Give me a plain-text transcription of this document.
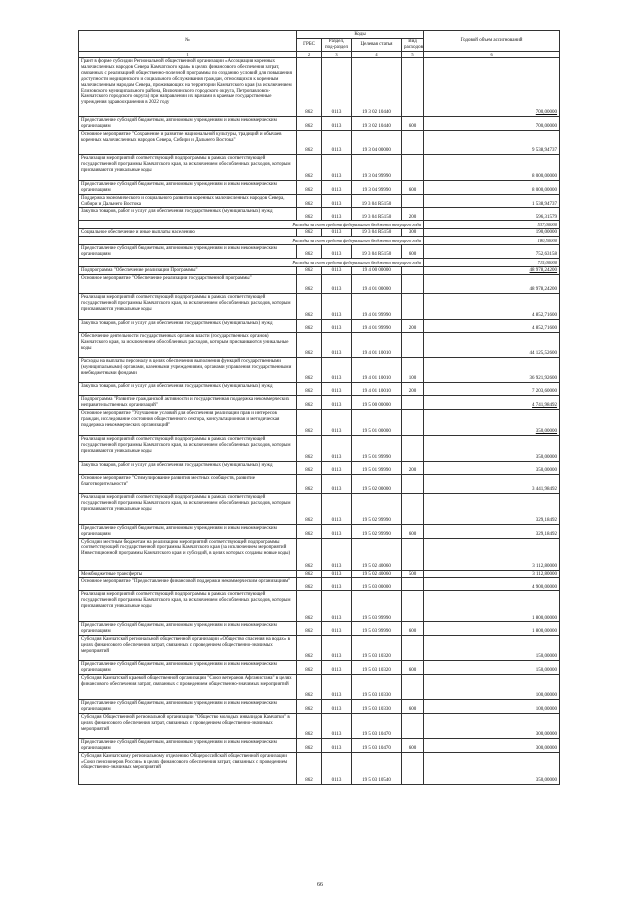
№	Коды				Годовой объем ассигнований	
	ГРБС	Раздел, под-раздел	Целевая статья	Вид расходов		
1	2	3	4	5	6	
Грант в форме субсидии Региональной общественной организации «Ассоциация коренных малочисленных народов Севера Камчатского края» в целях финансового обеспечения затрат, связанных с реализацией общественно-полезной программы по созданию условий для повышения доступности медицинского и социального обслуживания граждан, относящихся к коренным малочисленным народам Севера, проживающих на территории Камчатского края (за исключением Елизовского муниципального района, Вилючинского городского округа, Петропавловск-Камчатского городского округа) при направлении их врачами в краевые государственные учреждения здравоохранения в 2022 году	862	0113	19 3 02 10440		700,00000	
Предоставление субсидий бюджетным, автономным учреждениям и иным некоммерческим организациям	862	0113	19 3 02 10440	600	700,00000	
Основное мероприятие "Сохранение и развитие национальной культуры, традиций и обычаев коренных малочисленных народов Севера, Сибири и Дальнего Востока"	862	0113	19 3 04 00000		9 538,94737	
Реализация мероприятий соответствующей подпрограммы в рамках соответствующей государственной программы Камчатского края, за исключением обособленных расходов, которым присваиваются уникальные коды	862	0113	19 3 04 99990		8 000,00000	
Предоставление субсидий бюджетным, автономным учреждениям и иным некоммерческим организациям	862	0113	19 3 04 99990	600	8 000,00000	
Поддержка экономического и социального развития коренных малочисленных народов Севера, Сибири и Дальнего Востока	862	0113	19 3 04 R5150		1 538,94737	
Закупка товаров, работ и услуг для обеспечения государственных (муниципальных) нужд	862	0113	19 3 04 R5150	200	596,31579	
Расходы за счет средств федерального бюджета текущего года					537,00000	
Социальное обеспечение и иные выплаты населению	862	0113	19 3 04 R5150	300	190,00000	
Расходы за счет средств федерального бюджета текущего года					180,50000	
Предоставление субсидий бюджетным, автономным учреждениям и иным некоммерческим организациям	862	0113	19 3 04 R5150	600	752,63158	
Расходы за счет средств федерального бюджета текущего года					715,00000	
Подпрограмма "Обеспечение реализации Программы"	862	0113	19 4 00 00000		48 978,24200	
Основное мероприятие "Обеспечение реализации государственной программы"	862	0113	19 4 01 00000		48 978,24200	
Реализация мероприятий соответствующей подпрограммы в рамках соответствующей государственной программы Камчатского края, за исключением обособленных расходов, которым присваиваются уникальные коды	862	0113	19 4 01 99990		4 852,71600	
Закупка товаров, работ и услуг для обеспечения государственных (муниципальных) нужд	862	0113	19 4 01 99990	200	4 852,71600	
Обеспечение деятельности государственных органов власти (государственных органов) Камчатского края, за исключением обособленных расходов, которым присваиваются уникальные коды	862	0113	19 4 01 10010		44 125,52600	
Расходы на выплаты персоналу в целях обеспечения выполнения функций государственными (муниципальными) органами, казенными учреждениями, органами управления государственными внебюджетными фондами	862	0113	19 4 01 10010	100	36 921,92600	
Закупка товаров, работ и услуг для обеспечения государственных (муниципальных) нужд	862	0113	19 4 01 10010	200	7 203,60000	
Подпрограмма "Развитие гражданской активности и государственная поддержка некоммерческих неправительственных организаций"	862	0113	19 5 00 00000		4 741,98492	
Основное мероприятие "Улучшение условий для обеспечения реализации прав и интересов граждан, исследование состояния общественного сектора, консультационная и методическая поддержка некоммерческих организаций"	862	0113	19 5 01 00000		350,00000	
Реализация мероприятий соответствующей подпрограммы в рамках соответствующей государственной программы Камчатского края, за исключением обособленных расходов, которым присваиваются уникальные коды	862	0113	19 5 01 99990		350,00000	
Закупка товаров, работ и услуг для обеспечения государственных (муниципальных) нужд	862	0113	19 5 01 99990	200	350,00000	
Основное мероприятие "Стимулирование развития местных сообществ, развитие благотворительности"	862	0113	19 5 02 00000		3 441,98492	
Реализация мероприятий соответствующей подпрограммы в рамках соответствующей государственной программы Камчатского края, за исключением обособленных расходов, которым присваиваются уникальные коды	862	0113	19 5 02 99990		329,18492	
Предоставление субсидий бюджетным, автономным учреждениям и иным некоммерческим организациям	862	0113	19 5 02 99990	600	329,18492	
Субсидии местным бюджетам на реализацию мероприятий соответствующей подпрограммы соответствующей государственной программы Камчатского края (за исключением мероприятий Инвестиционной программы Камчатского края и субсидий, в целях которых созданы новые коды)	862	0113	19 5 02 40060		3 112,80000	
Межбюджетные трансферты	862	0113	19 5 02 40060	500	3 112,80000	
Основное мероприятие "Предоставление финансовой поддержки некоммерческим организациям"	862	0113	19 5 03 00000		4 900,00000	
Реализация мероприятий соответствующей подпрограммы в рамках соответствующей государственной программы Камчатского края, за исключением обособленных расходов, которым присваиваются уникальные коды	862	0113	19 5 03 99990		1 800,00000	
Предоставление субсидий бюджетным, автономным учреждениям и иным некоммерческим организациям	862	0113	19 5 03 99990	600	1 800,00000	
Субсидия Камчатской региональной общественной организации «Общество спасения на водах» в целях финансового обеспечения затрат, связанных с проведением общественно-значимых мероприятий	862	0113	19 5 03 10320		150,00000	
Предоставление субсидий бюджетным, автономным учреждениям и иным некоммерческим организациям	862	0113	19 5 03 10320	600	150,00000	
Субсидия Камчатской краевой общественной организации "Союз ветеранов Афганистана" в целях финансового обеспечения затрат, связанных с проведением общественно-значимых мероприятий	862	0113	19 5 03 10330		100,00000	
Предоставление субсидий бюджетным, автономным учреждениям и иным некоммерческим организациям	862	0113	19 5 03 10330	600	100,00000	
Субсидия Общественной региональной организации "Общество молодых инвалидов Камчатки" в целях финансового обеспечения затрат, связанных с проведением общественно-значимых мероприятий	862	0113	19 5 03 10470		300,00000	
Предоставление субсидий бюджетным, автономным учреждениям и иным некоммерческим организациям	862	0113	19 5 03 10470	600	300,00000	
Субсидия Камчатскому региональному отделению Общероссийской общественной организации «Союз пенсионеров России» в целях финансового обеспечения затрат, связанных с проведением общественно-значимых мероприятий	862	0113	19 5 03 10540		350,00000	
66
